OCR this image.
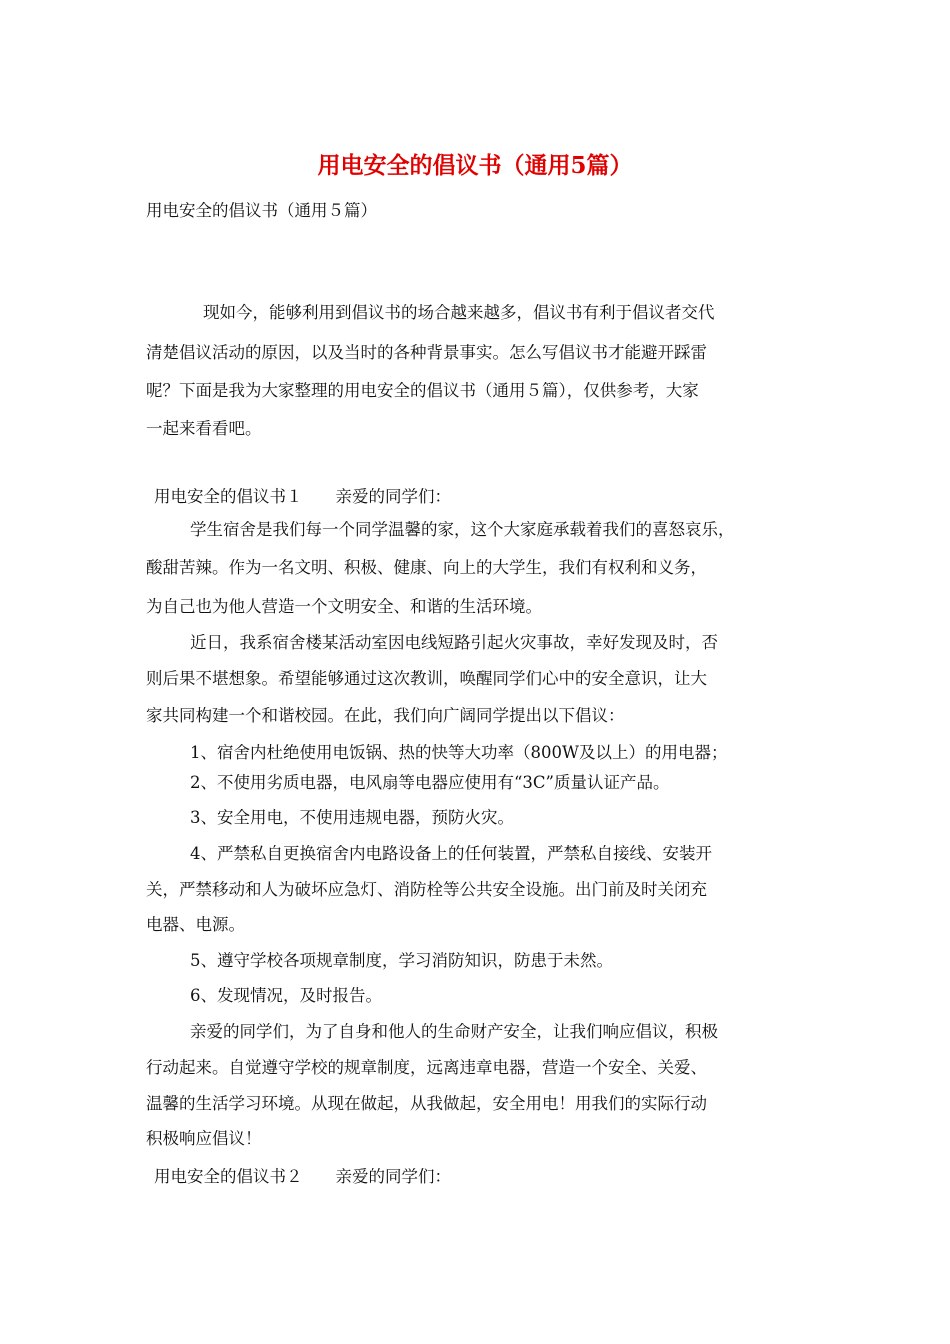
用电安全的倡议书（通用5篇）
用电安全的倡议书（通用５篇）
现如今，能够利用到倡议书的场合越来越多，倡议书有利于倡议者交代
清楚倡议活动的原因，以及当时的各种背景事实。怎么写倡议书才能避开踩雷
呢？下面是我为大家整理的用电安全的倡议书（通用５篇），仅供参考，大家
一起来看看吧。
用电安全的倡议书１　　亲爱的同学们：
学生宿舍是我们每一个同学温馨的家，这个大家庭承载着我们的喜怒哀乐，
酸甜苦辣。作为一名文明、积极、健康、向上的大学生，我们有权利和义务，
为自己也为他人营造一个文明安全、和谐的生活环境。
近日，我系宿舍楼某活动室因电线短路引起火灾事故，幸好发现及时，否
则后果不堪想象。希望能够通过这次教训，唤醒同学们心中的安全意识，让大
家共同构建一个和谐校园。在此，我们向广阔同学提出以下倡议：
1、宿舍内杜绝使用电饭锅、热的快等大功率（800W及以上）的用电器；
2、不使用劣质电器，电风扇等电器应使用有“3C”质量认证产品。
3、安全用电，不使用违规电器，预防火灾。
4、严禁私自更换宿舍内电路设备上的任何装置，严禁私自接线、安装开
关，严禁移动和人为破坏应急灯、消防栓等公共安全设施。出门前及时关闭充
电器、电源。
5、遵守学校各项规章制度，学习消防知识，防患于未然。
6、发现情况，及时报告。
亲爱的同学们，为了自身和他人的生命财产安全，让我们响应倡议，积极
行动起来。自觉遵守学校的规章制度，远离违章电器，营造一个安全、关爱、
温馨的生活学习环境。从现在做起，从我做起，安全用电！用我们的实际行动
积极响应倡议！
用电安全的倡议书２　　亲爱的同学们：
